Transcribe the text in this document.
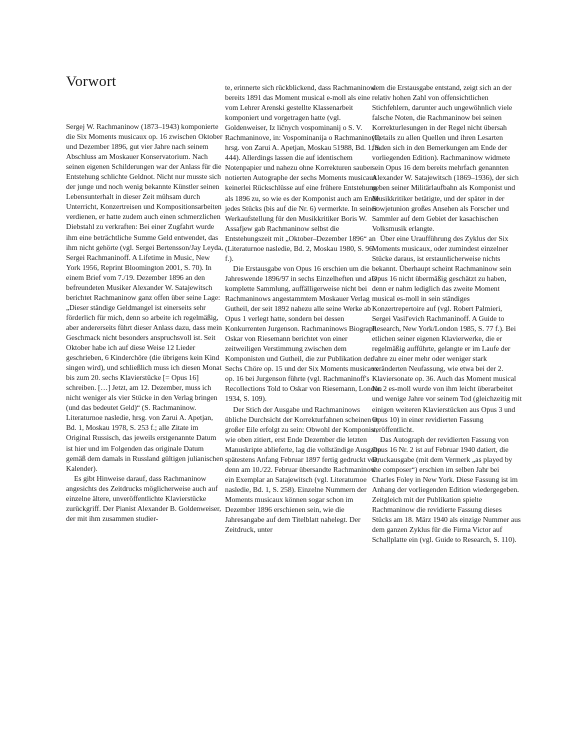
Vorwort

Sergej W. Rachmaninow (1873–1943) komponierte die Six Moments musicaux op. 16 zwischen Oktober und Dezember 1896, gut vier Jahre nach seinem Abschluss am Moskauer Konservatorium. Nach seinen eigenen Schilderungen war der Anlass für die Entstehung schlichte Geldnot. Nicht nur musste sich der junge und noch wenig bekannte Künstler seinen Lebensunterhalt in dieser Zeit mühsam durch Unterricht, Konzertreisen und Kompositionsarbeiten verdienen, er hatte zudem auch einen schmerzlichen Diebstahl zu verkraften: Bei einer Zugfahrt wurde ihm eine beträchtliche Summe Geld entwendet, das ihm nicht gehörte (vgl. Sergei Bertensson/Jay Leyda, Sergei Rachmaninoff. A Lifetime in Music, New York 1956, Reprint Bloomington 2001, S. 70). In einem Brief vom 7./19. Dezember 1896 an den befreundeten Musiker Alexander W. Satajewitsch berichtet Rachmaninow ganz offen über seine Lage: „Dieser ständige Geldmangel ist einerseits sehr förderlich für mich, denn so arbeite ich regelmäßig, aber andererseits führt dieser Anlass dazu, dass mein Geschmack nicht besonders anspruchsvoll ist. Seit Oktober habe ich auf diese Weise 12 Lieder geschrieben, 6 Kinderchöre (die übrigens kein Kind singen wird), und schließlich muss ich diesen Monat bis zum 20. sechs Klavierstücke [= Opus 16] schreiben. […] Jetzt, am 12. Dezember, muss ich nicht weniger als vier Stücke in den Verlag bringen (und das bedeutet Geld)“ (S. Rachmaninow. Literaturnoe nasledie, hrsg. von Zarui A. Apetjan, Bd. 1, Moskau 1978, S. 253 f.; alle Zitate im Original Russisch, das jeweils erstgenannte Datum ist hier und im Folgenden das originale Datum gemäß dem damals in Russland gültigen julianischen Kalender).

Es gibt Hinweise darauf, dass Rachmaninow angesichts des Zeitdrucks möglicherweise auch auf einzelne ältere, unveröffentlichte Klavierstücke zurückgriff. Der Pianist Alexander B. Goldenweiser, der mit ihm zusammen studier-

te, erinnerte sich rückblickend, dass Rachmaninow bereits 1891 das Moment musical e-moll als eine vom Lehrer Arenski gestellte Klassenarbeit komponiert und vorgetragen hatte (vgl. Goldenweiser, Iz ličnych vospominanij o S. V. Rachmaninove, in: Vospominanija o Rachmaninove, hrsg. von Zarui A. Apetjan, Moskau 51988, Bd. 1, S. 444). Allerdings lassen die auf identischem Notenpapier und nahezu ohne Korrekturen sauber notierten Autographe der sechs Moments musicaux keinerlei Rückschlüsse auf eine frühere Entstehung als 1896 zu, so wie es der Komponist auch am Ende jedes Stücks (bis auf die Nr. 6) vermerkte. In seiner Werkaufstellung für den Musikkritiker Boris W. Assafjew gab Rachmaninow selbst die Entstehungszeit mit „Oktober–Dezember 1896“ an (Literaturnoe nasledie, Bd. 2, Moskau 1980, S. 96 f.).

Die Erstausgabe von Opus 16 erschien um die Jahreswende 1896/97 in sechs Einzelheften und als komplette Sammlung, auffälligerweise nicht bei Rachmaninows angestammtem Moskauer Verlag Gutheil, der seit 1892 nahezu alle seine Werke ab Opus 1 verlegt hatte, sondern bei dessen Konkurrenten Jurgenson. Rachmaninows Biograph Oskar von Riesemann berichtet von einer zeitweiligen Verstimmung zwischen dem Komponisten und Gutheil, die zur Publikation der Sechs Chöre op. 15 und der Six Moments musicaux op. 16 bei Jurgenson führte (vgl. Rachmaninoff's Recollections Told to Oskar von Riesemann, London 1934, S. 109).

Der Stich der Ausgabe und Rachmaninows übliche Durchsicht der Korrekturfahnen scheinen in großer Eile erfolgt zu sein: Obwohl der Komponist, wie oben zitiert, erst Ende Dezember die letzten Manuskripte ablieferte, lag die vollständige Ausgabe spätestens Anfang Februar 1897 fertig gedruckt vor, denn am 10./22. Februar übersandte Rachmaninow ein Exemplar an Satajewitsch (vgl. Literaturnoe nasledie, Bd. 1, S. 258). Einzelne Nummern der Moments musicaux können sogar schon im Dezember 1896 erschienen sein, wie die Jahresangabe auf dem Titelblatt nahelegt. Der Zeitdruck, unter

dem die Erstausgabe entstand, zeigt sich an der relativ hohen Zahl von offensichtlichen Stichfehlern, darunter auch ungewöhnlich viele falsche Noten, die Rachmaninow bei seinen Korrekturlesungen in der Regel nicht übersah (Details zu allen Quellen und ihren Lesarten finden sich in den Bemerkungen am Ende der vorliegenden Edition). Rachmaninow widmete sein Opus 16 dem bereits mehrfach genannten Alexander W. Satajewitsch (1869–1936), der sich neben seiner Militärlaufbahn als Komponist und Musikkritiker betätigte, und der später in der Sowjetunion großes Ansehen als Forscher und Sammler auf dem Gebiet der kasachischen Volksmusik erlangte.

Über eine Uraufführung des Zyklus der Six Moments musicaux, oder zumindest einzelner Stücke daraus, ist erstaunlicherweise nichts bekannt. Überhaupt scheint Rachmaninow sein Opus 16 nicht übermäßig geschätzt zu haben, denn er nahm lediglich das zweite Moment musical es-moll in sein ständiges Konzertrepertoire auf (vgl. Robert Palmieri, Sergei Vasil'evich Rachmaninoff. A Guide to Research, New York/London 1985, S. 77 f.). Bei etlichen seiner eigenen Klavierwerke, die er regelmäßig aufführte, gelangte er im Laufe der Jahre zu einer mehr oder weniger stark veränderten Neufassung, wie etwa bei der 2. Klaviersonate op. 36. Auch das Moment musical Nr. 2 es-moll wurde von ihm leicht überarbeitet und wenige Jahre vor seinem Tod (gleichzeitig mit einigen weiteren Klavierstücken aus Opus 3 und Opus 10) in einer revidierten Fassung veröffentlicht.

Das Autograph der revidierten Fassung von Opus 16 Nr. 2 ist auf Februar 1940 datiert, die Druckausgabe (mit dem Vermerk „as played by the composer“) erschien im selben Jahr bei Charles Foley in New York. Diese Fassung ist im Anhang der vorliegenden Edition wiedergegeben. Zeitgleich mit der Publikation spielte Rachmaninow die revidierte Fassung dieses Stücks am 18. März 1940 als einzige Nummer aus dem ganzen Zyklus für die Firma Victor auf Schallplatte ein (vgl. Guide to Research, S. 110).
